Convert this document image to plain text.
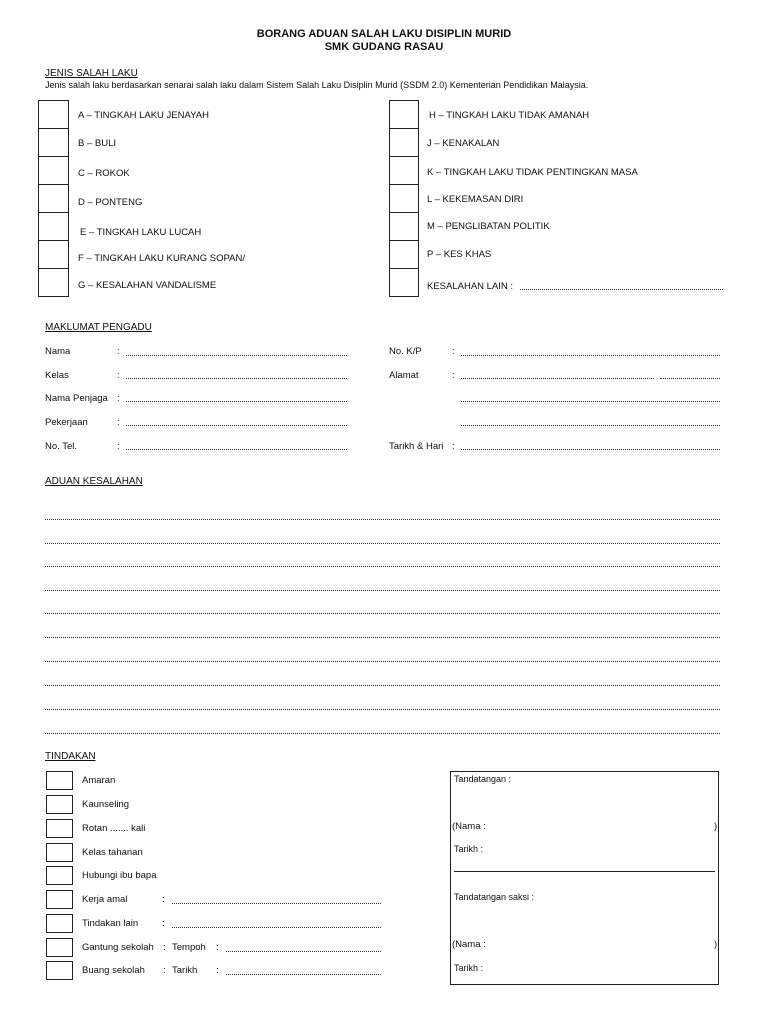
BORANG ADUAN SALAH LAKU DISIPLIN MURID
SMK GUDANG RASAU
JENIS SALAH LAKU
Jenis salah laku berdasarkan senarai salah laku dalam Sistem Salah Laku Disiplin Murid (SSDM 2.0) Kementerian Pendidikan Malaysia.
A – TINGKAH LAKU JENAYAH
B – BULI
C – ROKOK
D – PONTENG
E – TINGKAH LAKU LUCAH
F – TINGKAH LAKU KURANG SOPAN/
G – KESALAHAN VANDALISME
H – TINGKAH LAKU TIDAK AMANAH
J – KENAKALAN
K – TINGKAH LAKU TIDAK PENTINGKAN MASA
L – KEKEMASAN DIRI
M – PENGLIBATAN POLITIK
P – KES KHAS
KESALAHAN LAIN :
MAKLUMAT PENGADU
Nama	:
Kelas	:
Nama Penjaga :
Pekerjaan	:
No. Tel.	:
No. K/P	:
Alamat	:
Tarikh & Hari :
ADUAN KESALAHAN
TINDAKAN
Amaran
Kaunseling
Rotan ....... kali
Kelas tahanan
Hubungi ibu bapa
Kerja amal	:
Tindakan lain	:
Gantung sekolah : Tempoh :
Buang sekolah : Tarikh :
Tandatangan :
(Nama :	)
Tarikh :
Tandatangan saksi :
(Nama :	)
Tarikh :
